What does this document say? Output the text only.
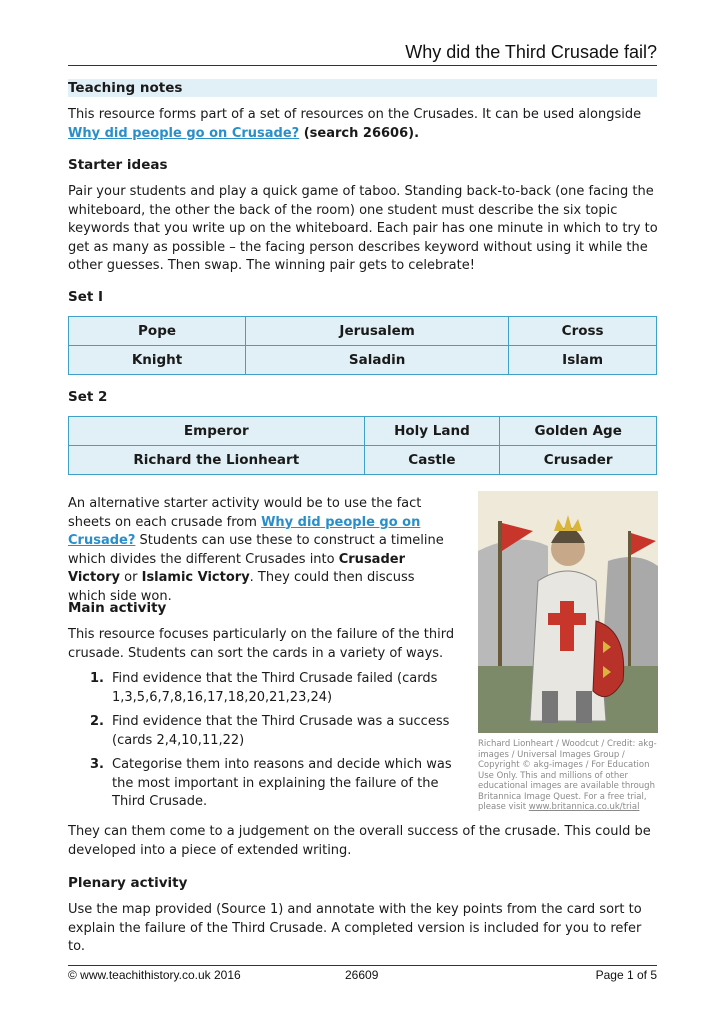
Why did the Third Crusade fail?
Teaching notes
This resource forms part of a set of resources on the Crusades. It can be used alongside Why did people go on Crusade? (search 26606).
Starter ideas
Pair your students and play a quick game of taboo. Standing back-to-back (one facing the whiteboard, the other the back of the room) one student must describe the six topic keywords that you write up on the whiteboard. Each pair has one minute in which to try to get as many as possible – the facing person describes keyword without using it while the other guesses. Then swap. The winning pair gets to celebrate!
Set I
Pope	Jerusalem	Cross
Knight	Saladin	Islam
Set 2
Emperor	Holy Land	Golden Age
Richard the Lionheart	Castle	Crusader
An alternative starter activity would be to use the fact sheets on each crusade from Why did people go on Crusade? Students can use these to construct a timeline which divides the different Crusades into Crusader Victory or Islamic Victory. They could then discuss which side won.
Richard Lionheart / Woodcut / Credit: akg-images / Universal Images Group / Copyright © akg-images / For Education Use Only. This and millions of other educational images are available through Britannica Image Quest. For a free trial, please visit www.britannica.co.uk/trial
Main activity
This resource focuses particularly on the failure of the third crusade. Students can sort the cards in a variety of ways.
1. Find evidence that the Third Crusade failed (cards 1,3,5,6,7,8,16,17,18,20,21,23,24)
2. Find evidence that the Third Crusade was a success (cards 2,4,10,11,22)
3. Categorise them into reasons and decide which was the most important in explaining the failure of the Third Crusade.
They can them come to a judgement on the overall success of the crusade. This could be developed into a piece of extended writing.
Plenary activity
Use the map provided (Source 1) and annotate with the key points from the card sort to explain the failure of the Third Crusade. A completed version is included for you to refer to.
© www.teachithistory.co.uk 2016	26609	Page 1 of 5
